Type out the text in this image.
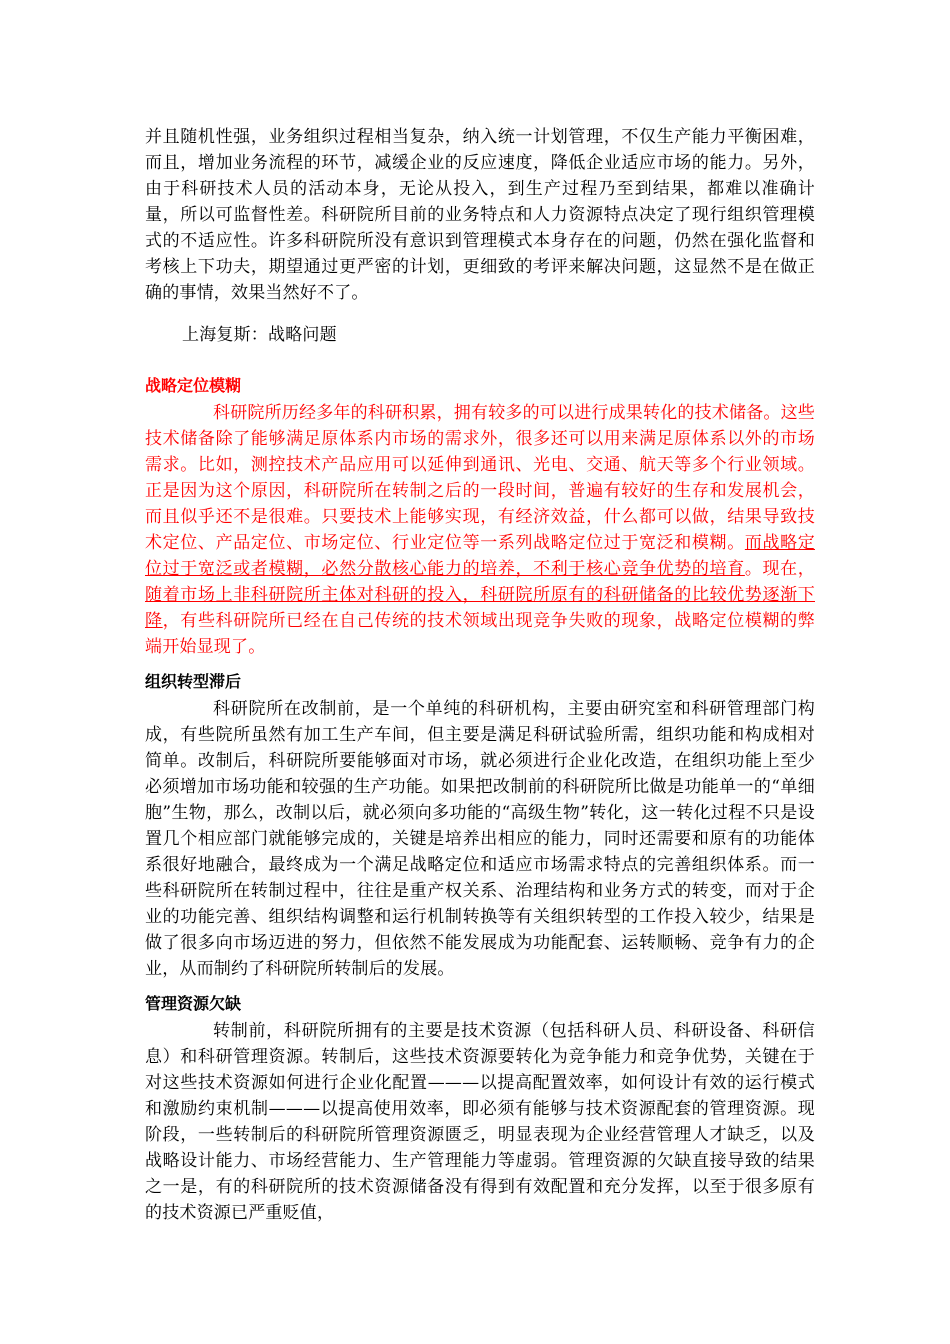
并且随机性强，业务组织过程相当复杂，纳入统一计划管理，不仅生产能力平衡困难，而且，增加业务流程的环节，减缓企业的反应速度，降低企业适应市场的能力。另外，由于科研技术人员的活动本身，无论从投入，到生产过程乃至到结果，都难以准确计量，所以可监督性差。科研院所目前的业务特点和人力资源特点决定了现行组织管理模式的不适应性。许多科研院所没有意识到管理模式本身存在的问题，仍然在强化监督和考核上下功夫，期望通过更严密的计划，更细致的考评来解决问题，这显然不是在做正确的事情，效果当然好不了。

上海复斯：战略问题

战略定位模糊

科研院所历经多年的科研积累，拥有较多的可以进行成果转化的技术储备。这些技术储备除了能够满足原体系内市场的需求外，很多还可以用来满足原体系以外的市场需求。比如，测控技术产品应用可以延伸到通讯、光电、交通、航天等多个行业领域。正是因为这个原因，科研院所在转制之后的一段时间，普遍有较好的生存和发展机会，而且似乎还不是很难。只要技术上能够实现，有经济效益，什么都可以做，结果导致技术定位、产品定位、市场定位、行业定位等一系列战略定位过于宽泛和模糊。而战略定位过于宽泛或者模糊，必然分散核心能力的培养，不利于核心竞争优势的培育。现在，随着市场上非科研院所主体对科研的投入，科研院所原有的科研储备的比较优势逐渐下降，有些科研院所已经在自己传统的技术领域出现竞争失败的现象，战略定位模糊的弊端开始显现了。

组织转型滞后

科研院所在改制前，是一个单纯的科研机构，主要由研究室和科研管理部门构成，有些院所虽然有加工生产车间，但主要是满足科研试验所需，组织功能和构成相对简单。改制后，科研院所要能够面对市场，就必须进行企业化改造，在组织功能上至少必须增加市场功能和较强的生产功能。如果把改制前的科研院所比做是功能单一的“单细胞”生物，那么，改制以后，就必须向多功能的“高级生物”转化，这一转化过程不只是设置几个相应部门就能够完成的，关键是培养出相应的能力，同时还需要和原有的功能体系很好地融合，最终成为一个满足战略定位和适应市场需求特点的完善组织体系。而一些科研院所在转制过程中，往往是重产权关系、治理结构和业务方式的转变，而对于企业的功能完善、组织结构调整和运行机制转换等有关组织转型的工作投入较少，结果是做了很多向市场迈进的努力，但依然不能发展成为功能配套、运转顺畅、竞争有力的企业，从而制约了科研院所转制后的发展。

管理资源欠缺

转制前，科研院所拥有的主要是技术资源（包括科研人员、科研设备、科研信息）和科研管理资源。转制后，这些技术资源要转化为竞争能力和竞争优势，关键在于对这些技术资源如何进行企业化配置———以提高配置效率，如何设计有效的运行模式和激励约束机制———以提高使用效率，即必须有能够与技术资源配套的管理资源。现阶段，一些转制后的科研院所管理资源匮乏，明显表现为企业经营管理人才缺乏，以及战略设计能力、市场经营能力、生产管理能力等虚弱。管理资源的欠缺直接导致的结果之一是，有的科研院所的技术资源储备没有得到有效配置和充分发挥，以至于很多原有的技术资源已严重贬值，
